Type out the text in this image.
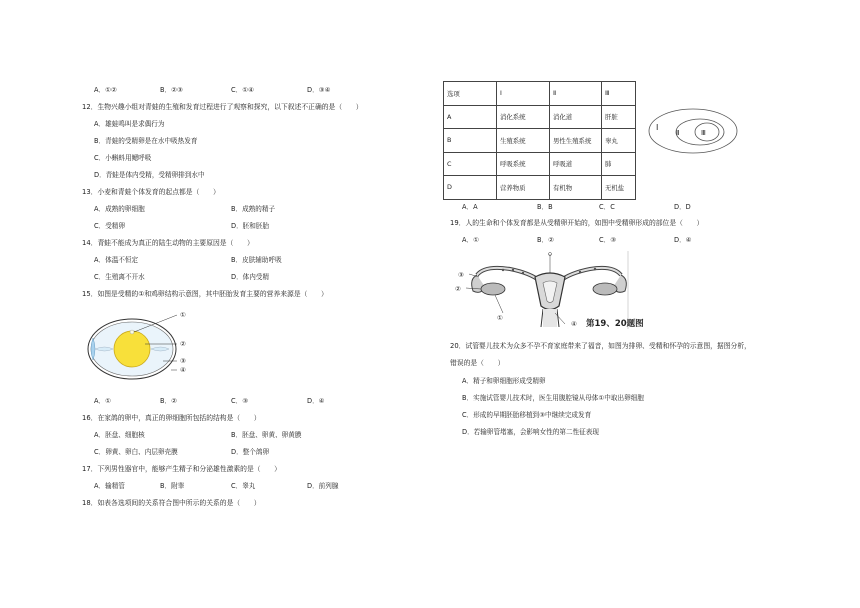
A．①②	B．②③	C．①④	D．③④
12．生物兴趣小组对青蛙的生殖和发育过程进行了观察和探究，以下叙述不正确的是（　　）
A．雄蛙鸣叫是求偶行为
B．青蛙的受精卵是在水中吸热发育
C．小蝌蚪用鳃呼吸
D．青蛙是体内受精，受精卵排到水中
13．小麦和青蛙个体发育的起点都是（　　）
A．成熟的卵细胞	B．成熟的精子
C．受精卵	D．胚和胚胎
14．青蛙不能成为真正的陆生动物的主要原因是（　　）
A．体温不恒定	B．皮肤辅助呼吸
C．生殖离不开水	D．体内受精
15．如图是受精的①和鸡卵结构示意图，其中胚胎发育主要的营养来源是（　　）
①
②
③
④
A．①	B．②	C．③	D．④
16．在家鸽的卵中，真正的卵细胞所包括的结构是（　　）
A．胚盘、细胞核	B．胚盘、卵黄、卵黄膜
C．卵黄、卵白、内层卵壳膜	D．整个鸽卵
17．下列男性器官中，能够产生精子和分泌雄性激素的是（　　）
A．输精管	B．附睾	C．睾丸	D．前列腺
18．如表各选项间的关系符合图中所示的关系的是（　　）
选项	Ⅰ	Ⅱ	Ⅲ
A	消化系统	消化道	肝脏
B	生殖系统	男性生殖系统	睾丸
C	呼吸系统	呼吸道	肺
D	营养物质	有机物	无机盐
Ⅰ
Ⅱ	Ⅲ
A．A	B．B	C．C	D．D
19．人的生命和个体发育都是从受精卵开始的，如图中受精卵形成的部位是（　　）
A．①	B．②	C．③	D．④
③
②
①
④ 第19、20题图
20．试管婴儿技术为众多不孕不育家庭带来了福音，如图为排卵、受精和怀孕的示意图，据图分析，
错误的是（　　）
A．精子和卵细胞形成受精卵
B．实施试管婴儿技术时，医生用腹腔镜从母体①中取出卵细胞
C．形成的早期胚胎移植到③中继续完成发育
D．若输卵管堵塞，会影响女性的第二性征表现
